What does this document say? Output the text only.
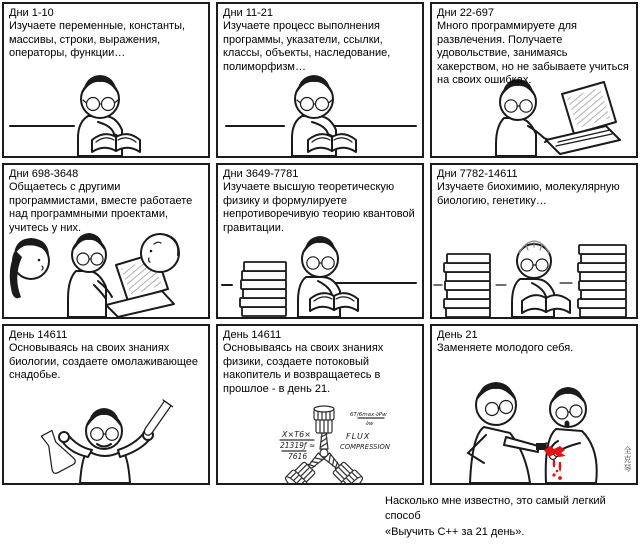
Дни 1-10
Изучаете переменные, константы, массивы, строки, выражения, операторы, функции…
Дни 11-21
Изучаете процесс выполнения программы, указатели, ссылки, классы, объекты, наследование, полиморфизм…
Дни 22-697
Много программируете для развлечения. Получаете удовольствие, занимаясь хакерством, но не забываете учиться на своих ошибках.
Дни 698-3648
Общаетесь с другими программистами, вместе работаете над программными проектами, учитесь у них.
Дни 3649-7781
Изучаете высшую теоретическую физику и формулируете непротиворечивую теорию квантовой гравитации.
Дни 7782-14611
Изучаете биохимию, молекулярную биологию, генетику…
День 14611
Основываясь на своих знаниях биологии, создаете омолаживающее снадобье.
День 14611
Основываясь на своих знаниях физики, создаете потоковый накопитель и возвращаетесь в прошлое - в день 21.
X×T6×
21319ƒ ≈
7616
FLUX
COMPRESSION
6T/6max·∂Pw
∂w
День 21
Заменяете молодого себя.
全克琴
Насколько мне известно, это самый легкий способ
«Выучить C++ за 21 день».
